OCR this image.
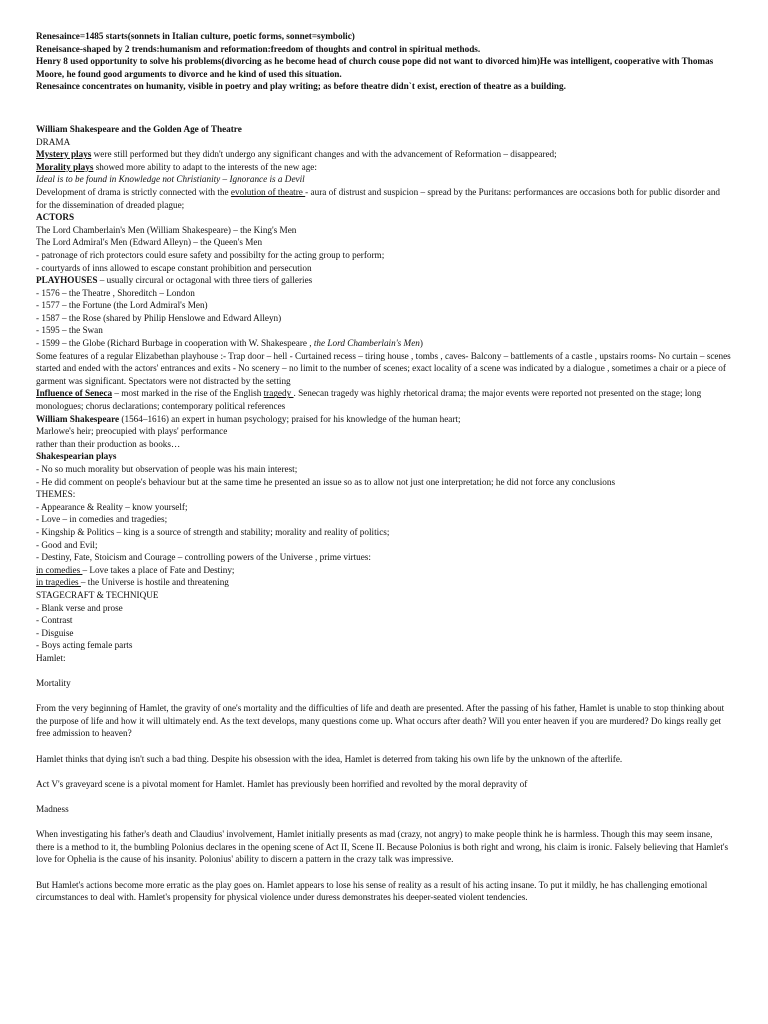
Renesaince=1485 starts(sonnets in Italian culture, poetic forms, sonnet=symbolic)

Reneisance-shaped by 2 trends:humanism and reformation:freedom of thoughts and control in spiritual methods.

Henry 8 used opportunity to solve his problems(divorcing as he become head of church couse pope did not want to divorced him)He was intelligent, cooperative with Thomas Moore, he found good arguments to divorce and he kind of used this situation.

Renesaince concentrates on humanity, visible in poetry and play writing; as before theatre didn`t exist, erection of theatre as a building.

William Shakespeare and the Golden Age of Theatre

DRAMA

Mystery plays were still performed but they didn't undergo any significant changes and with the advancement of Reformation – disappeared;

Morality plays showed more ability to adapt to the interests of the new age:

Ideal is to be found in Knowledge not Christianity – Ignorance is a Devil

Development of drama is strictly connected with the evolution of theatre - aura of distrust and suspicion – spread by the Puritans: performances are occasions both for public disorder and for the dissemination of dreaded plague;

ACTORS

The Lord Chamberlain's Men (William Shakespeare) – the King's Men

The Lord Admiral's Men (Edward Alleyn) – the Queen's Men

- patronage of rich protectors could esure safety and possibilty for the acting group to perform;

- courtyards of inns allowed to escape constant prohibition and persecution

PLAYHOUSES – usually circural or octagonal with three tiers of galleries

- 1576 – the Theatre , Shoreditch – London

- 1577 – the Fortune (the Lord Admiral's Men)

- 1587 – the Rose (shared by Philip Henslowe and Edward Alleyn)

- 1595 – the Swan

- 1599 – the Globe (Richard Burbage in cooperation with W. Shakespeare , the Lord Chamberlain's Men)

Some features of a regular Elizabethan playhouse :- Trap door – hell - Curtained recess – tiring house , tombs , caves- Balcony – battlements of a castle , upstairs rooms- No curtain – scenes started and ended with the actors' entrances and exits - No scenery – no limit to the number of scenes; exact locality of a scene was indicated by a dialogue , sometimes a chair or a piece of garment was significant. Spectators were not distracted by the setting

Influence of Seneca – most marked in the rise of the English tragedy . Senecan tragedy was highly rhetorical drama; the major events were reported not presented on the stage; long monologues; chorus declarations; contemporary political references

William Shakespeare (1564–1616) an expert in human psychology; praised for his knowledge of the human heart;

Marlowe's heir; preocupied with plays' performance

rather than their production as books…

Shakespearian plays

- No so much morality but observation of people was his main interest;

- He did comment on people's behaviour but at the same time he presented an issue so as to allow not just one interpretation; he did not force any conclusions

THEMES:

- Appearance & Reality – know yourself;

- Love – in comedies and tragedies;

- Kingship & Politics – king is a source of strength and stability; morality and reality of politics;

- Good and Evil;

- Destiny, Fate, Stoicism and Courage – controlling powers of the Universe , prime virtues:

in comedies – Love takes a place of Fate and Destiny;

in tragedies – the Universe is hostile and threatening

STAGECRAFT & TECHNIQUE

- Blank verse and prose

- Contrast

- Disguise

- Boys acting female parts

Hamlet:

Mortality

From the very beginning of Hamlet, the gravity of one's mortality and the difficulties of life and death are presented. After the passing of his father, Hamlet is unable to stop thinking about the purpose of life and how it will ultimately end. As the text develops, many questions come up. What occurs after death? Will you enter heaven if you are murdered? Do kings really get free admission to heaven?

Hamlet thinks that dying isn't such a bad thing. Despite his obsession with the idea, Hamlet is deterred from taking his own life by the unknown of the afterlife.

Act V's graveyard scene is a pivotal moment for Hamlet. Hamlet has previously been horrified and revolted by the moral depravity of

Madness

When investigating his father's death and Claudius' involvement, Hamlet initially presents as mad (crazy, not angry) to make people think he is harmless. Though this may seem insane, there is a method to it, the bumbling Polonius declares in the opening scene of Act II, Scene II. Because Polonius is both right and wrong, his claim is ironic. Falsely believing that Hamlet's love for Ophelia is the cause of his insanity. Polonius' ability to discern a pattern in the crazy talk was impressive.

But Hamlet's actions become more erratic as the play goes on. Hamlet appears to lose his sense of reality as a result of his acting insane. To put it mildly, he has challenging emotional circumstances to deal with. Hamlet's propensity for physical violence under duress demonstrates his deeper-seated violent tendencies.
